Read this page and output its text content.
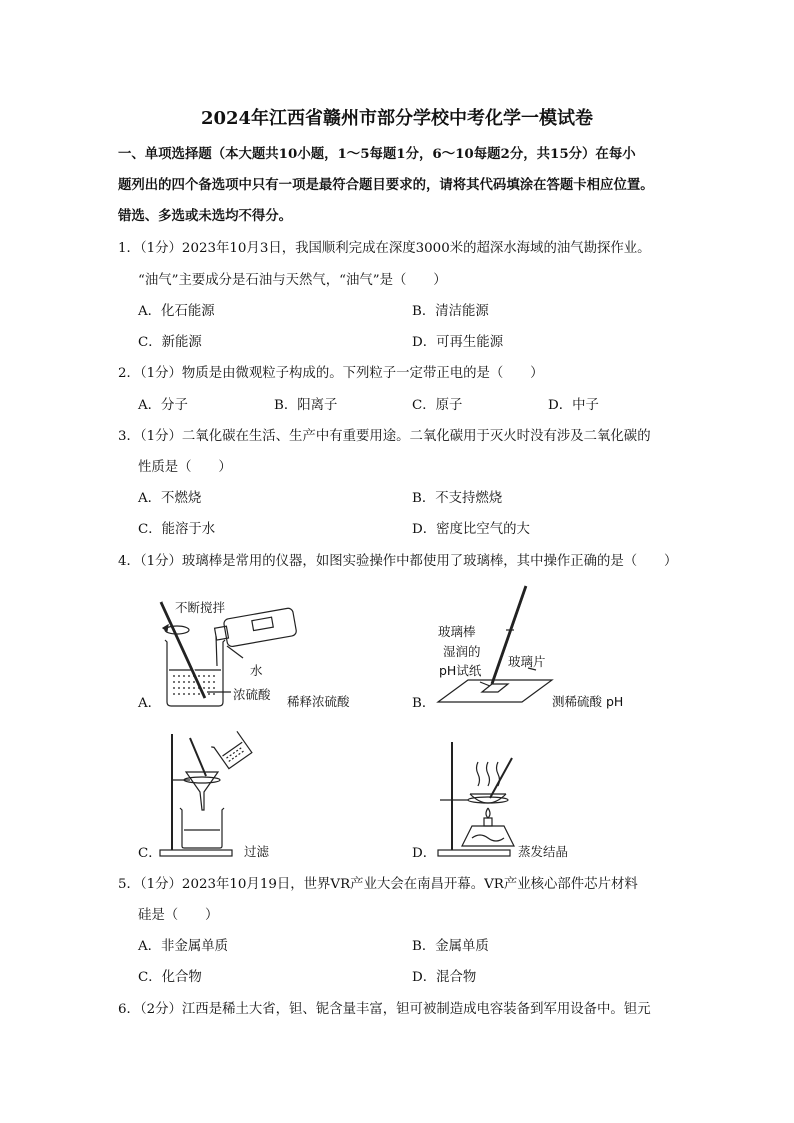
2024年江西省赣州市部分学校中考化学一模试卷
一、单项选择题（本大题共10小题，1～5每题1分，6～10每题2分，共15分）在每小
题列出的四个备选项中只有一项是最符合题目要求的，请将其代码填涂在答题卡相应位置。
错选、多选或未选均不得分。
1．（1分）2023年10月3日，我国顺利完成在深度3000米的超深水海域的油气勘探作业。
“油气”主要成分是石油与天然气，“油气”是（　　）
A．化石能源	B．清洁能源
C．新能源	D．可再生能源
2．（1分）物质是由微观粒子构成的。下列粒子一定带正电的是（　　）
A．分子	B．阳离子	C．原子	D．中子
3．（1分）二氧化碳在生活、生产中有重要用途。二氧化碳用于灭火时没有涉及二氧化碳的
性质是（　　）
A．不燃烧	B．不支持燃烧
C．能溶于水	D．密度比空气的大
4．（1分）玻璃棒是常用的仪器，如图实验操作中都使用了玻璃棒，其中操作正确的是（　　）
不断搅拌
水
浓硫酸 稀释浓硫酸
A．
玻璃棒
湿润的
pH试纸
玻璃片
测稀硫酸 pH
B．
过滤
C．	蒸发结晶
D．
5．（1分）2023年10月19日，世界VR产业大会在南昌开幕。VR产业核心部件芯片材料
硅是（　　）
A．非金属单质	B．金属单质
C．化合物	D．混合物
6．（2分）江西是稀土大省，钽、铌含量丰富，钽可被制造成电容装备到军用设备中。钽元
